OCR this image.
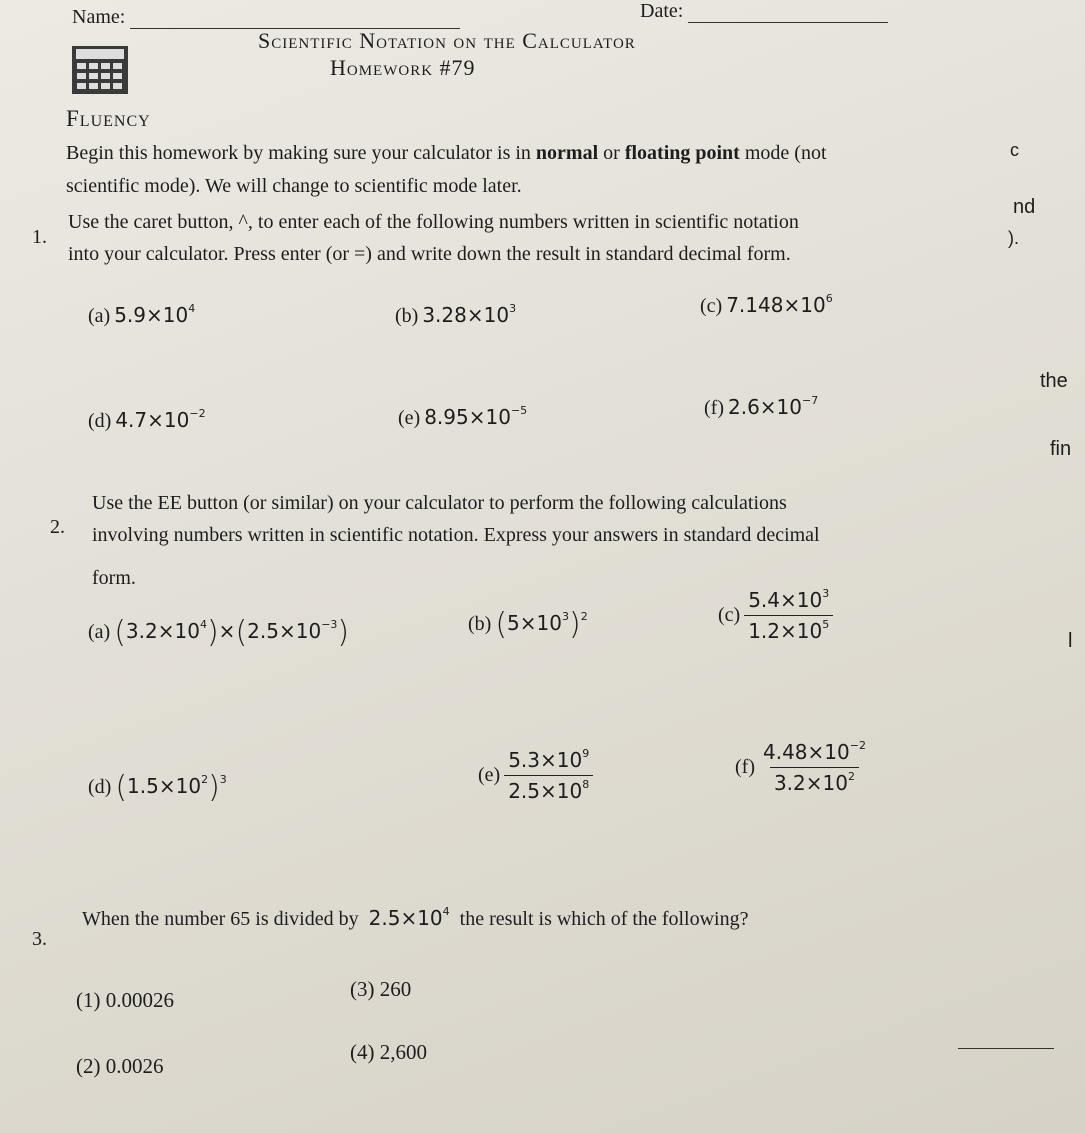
Name:	Date:
Scientific Notation on the Calculator
Homework #79
Fluency
Begin this homework by making sure your calculator is in normal or floating point mode (not
scientific mode). We will change to scientific mode later.
1.
Use the caret button, ^, to enter each of the following numbers written in scientific notation
into your calculator. Press enter (or =) and write down the result in standard decimal form.
(a) $5.9\times 10^4$	(b) $3.28\times 10^3$	(c) $7.148\times 10^6$
(d) $4.7\times 10^{-2}$	(e) $8.95\times 10^{-5}$	(f) $2.6\times 10^{-7}$
2.
Use the EE button (or similar) on your calculator to perform the following calculations
involving numbers written in scientific notation. Express your answers in standard decimal
form.
(a) $(3.2\times 10^4)\times(2.5\times 10^{-3})$	(b) $(5\times 10^3)^2$	$(c) \frac{5.4\times 10^3}{1.2\times 10^5}$
(d) $(1.5\times 10^2)^3$	$(e) \frac{5.3\times 10^9}{2.5\times 10^8}$	$(f) \frac{4.48\times 10^{-2}}{3.2\times 10^2}$
3.
When the number 65 is divided by $2.5\times 10^4$ the result is which of the following?
(1) 0.00026
(2) 0.0026
(3) 260
(4) 2,600
c
nd
).
the
fin
l
